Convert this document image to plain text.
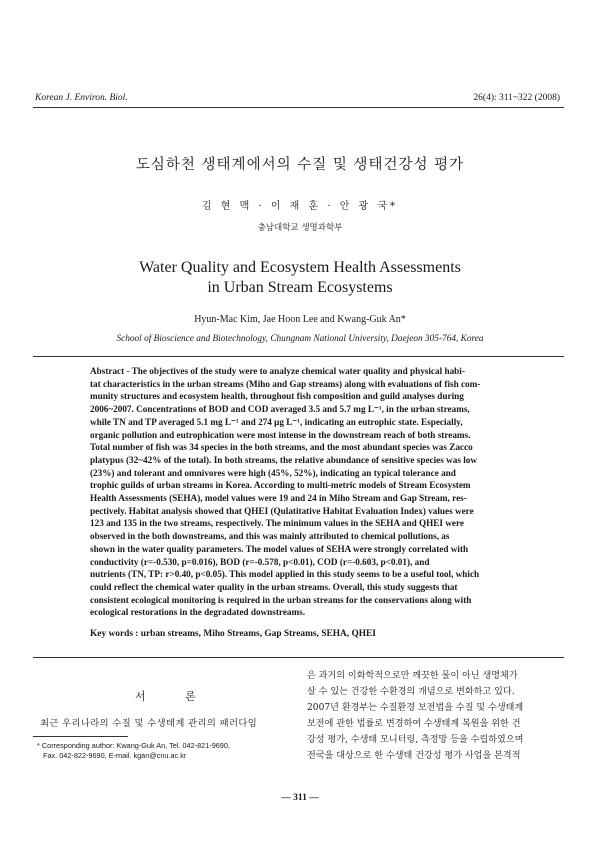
Korean J. Environ. Biol.	26(4): 311~322 (2008)
도심하천 생태계에서의 수질 및 생태건강성 평가
김 현 맥 · 이 재 훈 · 안 광 국*
충남대학교 생명과학부
Water Quality and Ecosystem Health Assessments
in Urban Stream Ecosystems
Hyun-Mac Kim, Jae Hoon Lee and Kwang-Guk An*
School of Bioscience and Biotechnology, Chungnam National University, Daejeon 305-764, Korea
Abstract - The objectives of the study were to analyze chemical water quality and physical habi-
tat characteristics in the urban streams (Miho and Gap streams) along with evaluations of fish com-
munity structures and ecosystem health, throughout fish composition and guild analyses during
2006~2007. Concentrations of BOD and COD averaged 3.5 and 5.7 mg L⁻¹, in the urban streams,
while TN and TP averaged 5.1 mg L⁻¹ and 274 μg L⁻¹, indicating an eutrophic state. Especially,
organic pollution and eutrophication were most intense in the downstream reach of both streams.
Total number of fish was 34 species in the both streams, and the most abundant species was Zacco
platypus (32~42% of the total). In both streams, the relative abundance of sensitive species was low
(23%) and tolerant and omnivores were high (45%, 52%), indicating an typical tolerance and
trophic guilds of urban streams in Korea. According to multi-metric models of Stream Ecosystem
Health Assessments (SEHA), model values were 19 and 24 in Miho Stream and Gap Stream, res-
pectively. Habitat analysis showed that QHEI (Qulatitative Habitat Evaluation Index) values were
123 and 135 in the two streams, respectively. The minimum values in the SEHA and QHEI were
observed in the both downstreams, and this was mainly attributed to chemical pollutions, as
shown in the water quality parameters. The model values of SEHA were strongly correlated with
conductivity (r=-0.530, p=0.016), BOD (r=-0.578, p<0.01), COD (r=-0.603, p<0.01), and
nutrients (TN, TP: r>0.40, p<0.05). This model applied in this study seems to be a useful tool, which
could reflect the chemical water quality in the urban streams. Overall, this study suggests that
consistent ecological monitoring is required in the urban streams for the conservations along with
ecological restorations in the degradated downstreams.
Key words : urban streams, Miho Streams, Gap Streams, SEHA, QHEI
서 론
최근 우리나라의 수질 및 수생태계 관리의 패러다임
* Corresponding author: Kwang-Guk An, Tel. 042-821-9690,
Fax. 042-822-9690, E-mail. kgan@cnu.ac.kr
은 과거의 이화학적으로만 깨끗한 물이 아닌 생명체가
살 수 있는 건강한 수환경의 개념으로 변화하고 있다.
2007년 환경부는 수질환경 보전법을 수질 및 수생태계
보전에 관한 법률로 변경하여 수생태계 복원을 위한 건
강성 평가, 수생태 모니터링, 측정망 등을 수립하였으며
전국을 대상으로 한 수생태 건강성 평가 사업을 본격적
— 311 —
